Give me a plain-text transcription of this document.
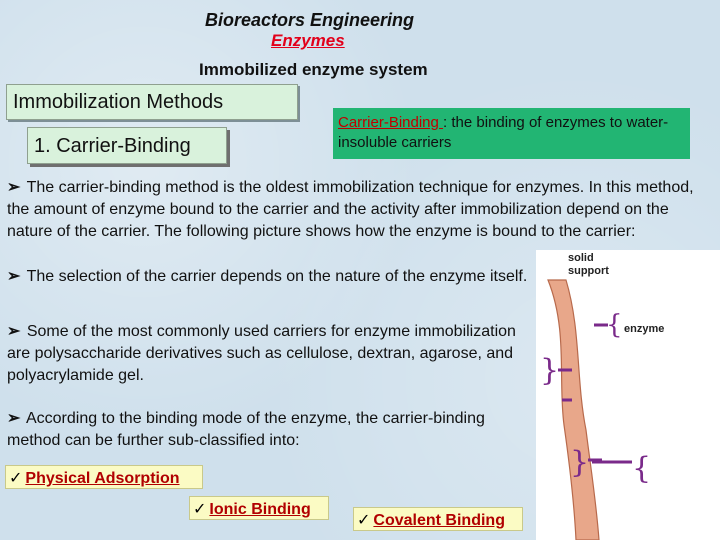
Bioreactors Engineering
Enzymes
Immobilized enzyme system
Immobilization Methods
1. Carrier-Binding
Carrier-Binding : the binding of enzymes to water-insoluble carriers
➢ The carrier-binding method is the oldest immobilization technique for enzymes. In this method, the amount of enzyme bound to the carrier and the activity after immobilization depend on the nature of the carrier. The following picture shows how the enzyme is bound to the carrier:
➢ The selection of the carrier depends on the nature of the enzyme itself.
➢ Some of the most commonly used carriers for enzyme immobilization are polysaccharide derivatives such as cellulose, dextran, agarose, and polyacrylamide gel.
➢ According to the binding mode of the enzyme, the carrier-binding method can be further sub-classified into:
✓ Physical Adsorption
✓ Ionic Binding
✓ Covalent Binding
solid
support
{ enzyme
}
} {
